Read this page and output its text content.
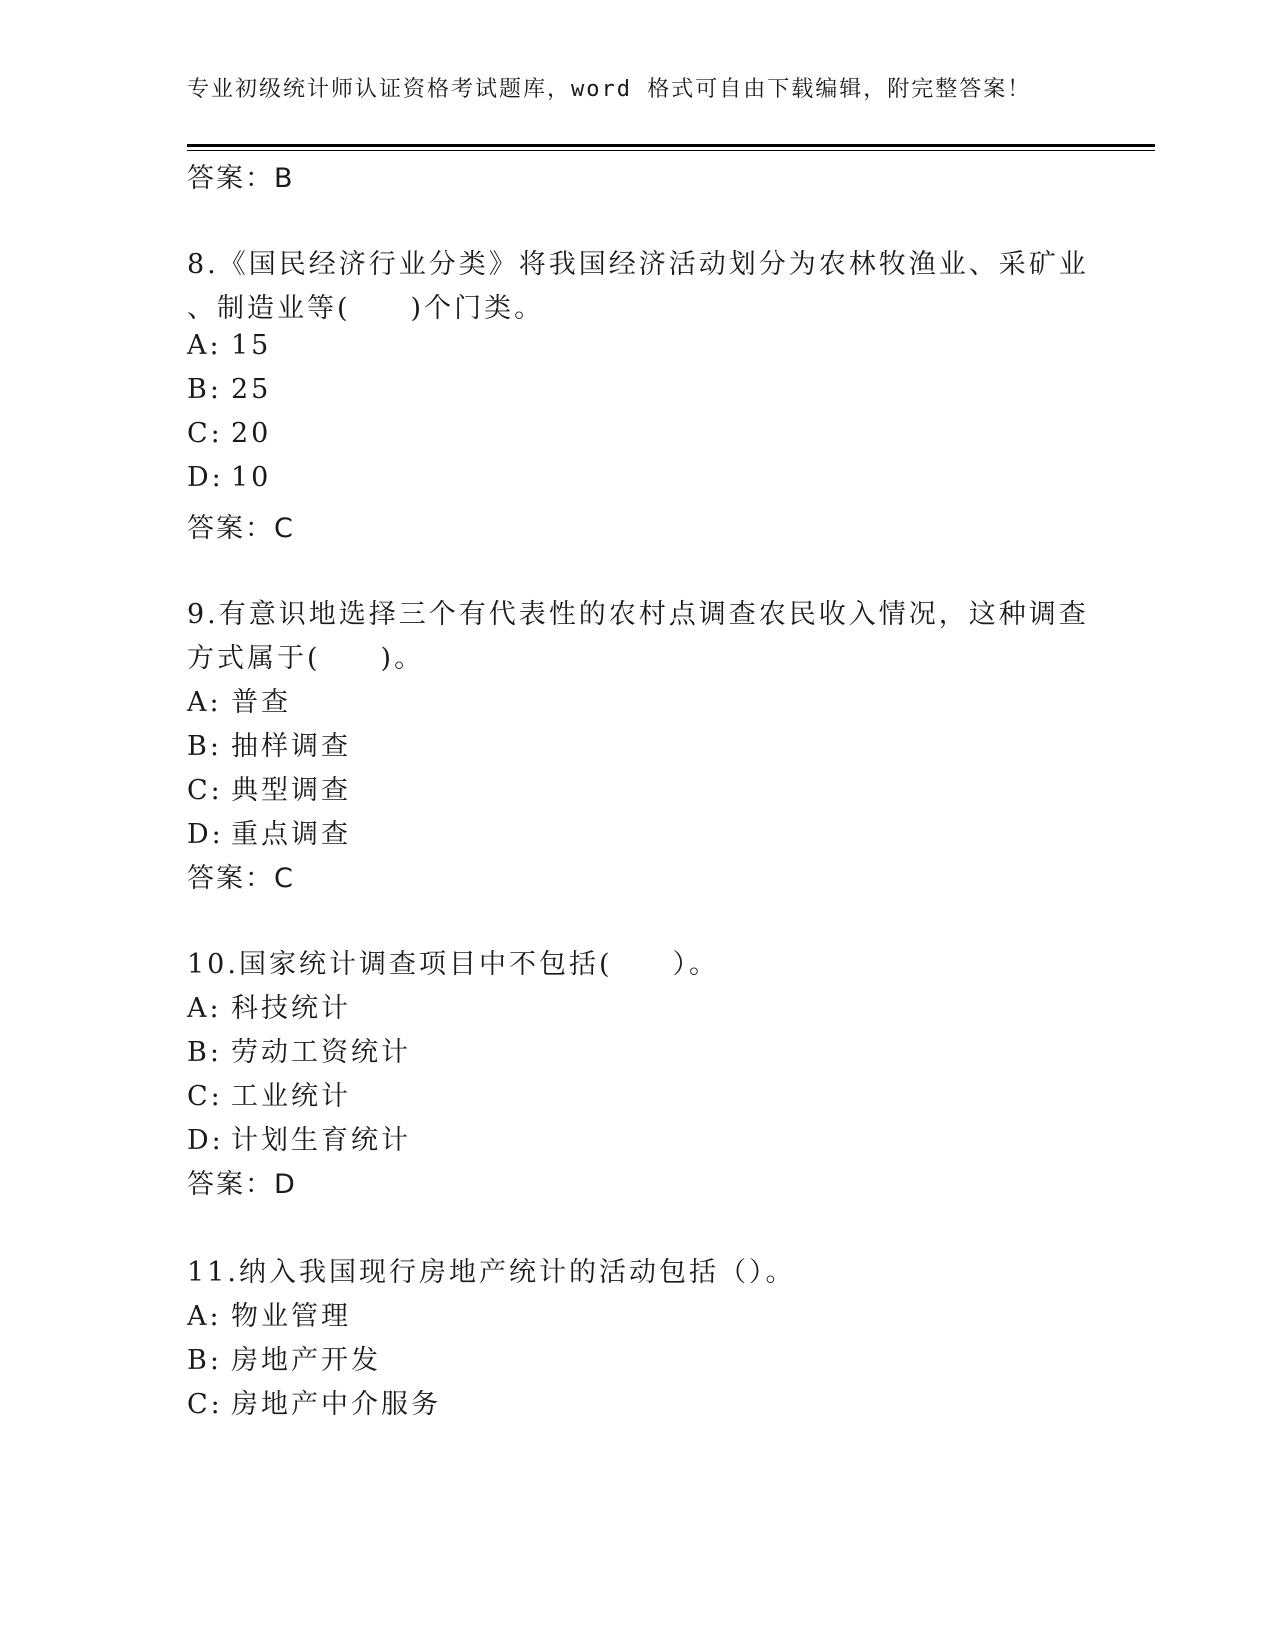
专业初级统计师认证资格考试题库，word 格式可自由下载编辑，附完整答案！
答案：B
8.《国民经济行业分类》将我国经济活动划分为农林牧渔业、采矿业
、制造业等(　　)个门类。
A: 15
B: 25
C: 20
D: 10
答案：C
9.有意识地选择三个有代表性的农村点调查农民收入情况，这种调查
方式属于(　　)。
A: 普查
B: 抽样调查
C: 典型调查
D: 重点调查
答案：C
10.国家统计调查项目中不包括(　　）。
A: 科技统计
B: 劳动工资统计
C: 工业统计
D: 计划生育统计
答案：D
11.纳入我国现行房地产统计的活动包括（）。
A: 物业管理
B: 房地产开发
C: 房地产中介服务
